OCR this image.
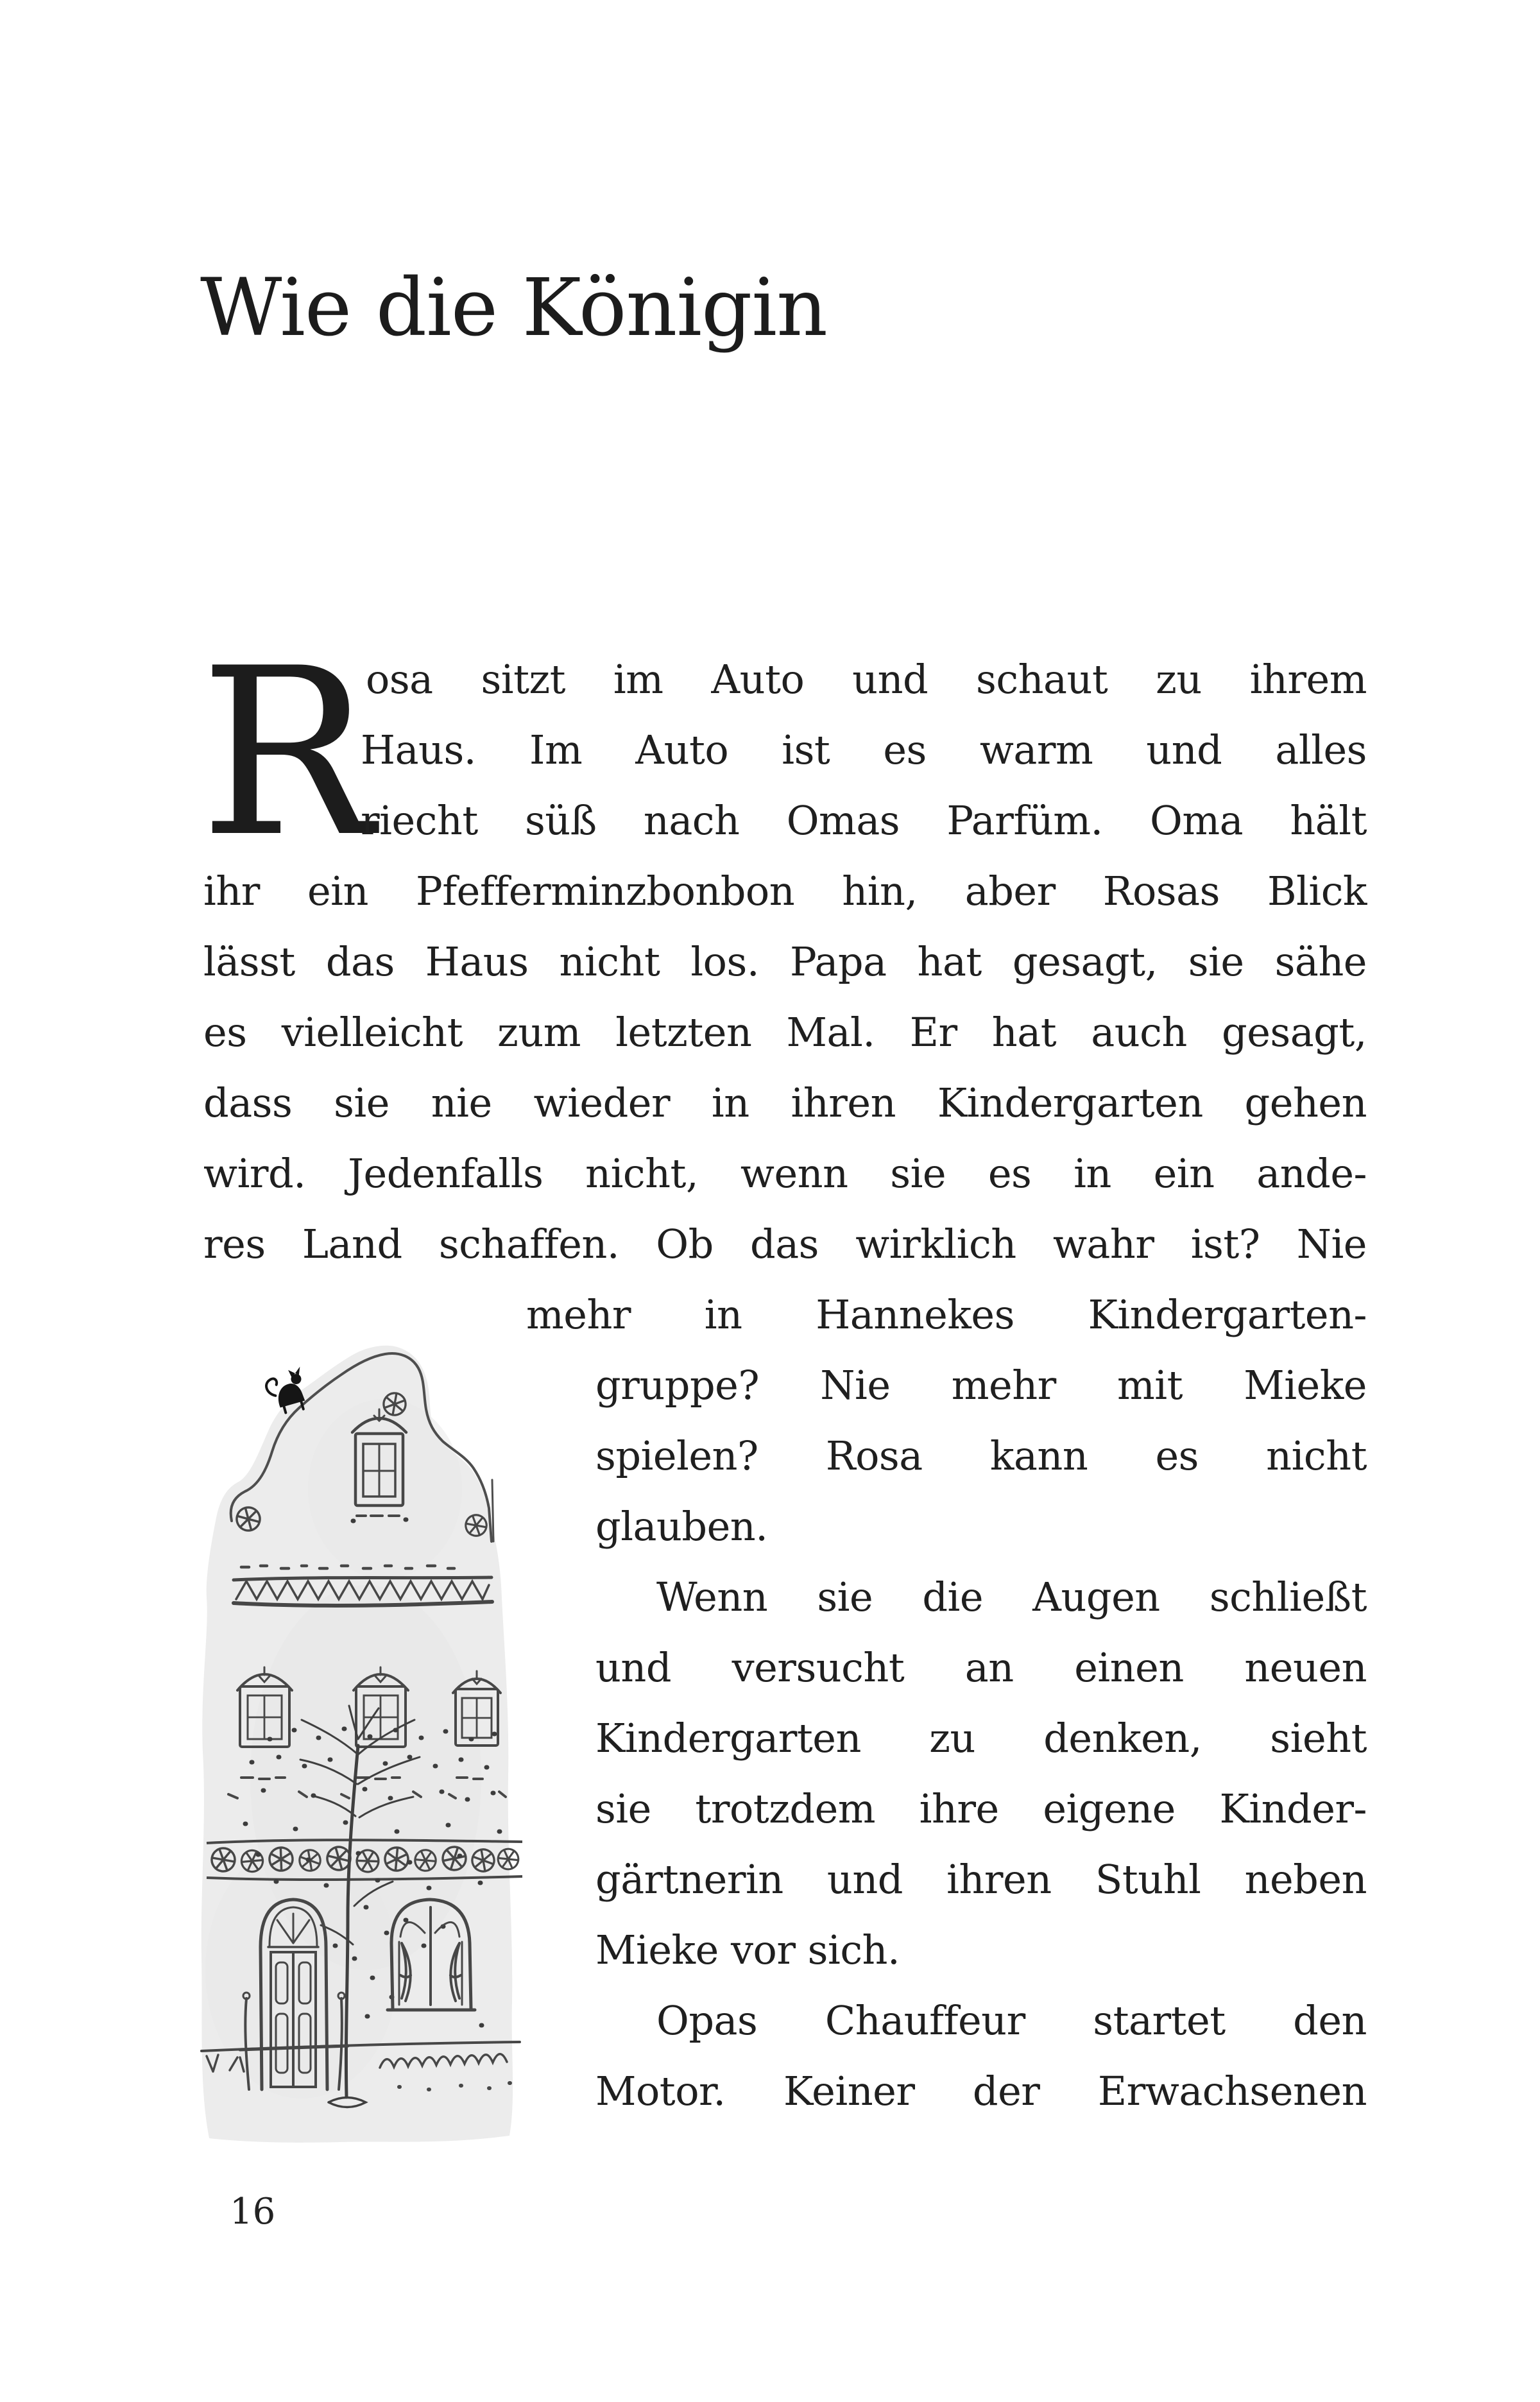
Wie die Königin
R
osa sitzt im Auto und schaut zu ihrem
Haus. Im Auto ist es warm und alles
riecht süß nach Omas Parfüm. Oma hält
ihr ein Pfefferminzbonbon hin, aber Rosas Blick
lässt das Haus nicht los. Papa hat gesagt, sie sähe
es vielleicht zum letzten Mal. Er hat auch gesagt,
dass sie nie wieder in ihren Kindergarten gehen
wird. Jedenfalls nicht, wenn sie es in ein ande-
res Land schaffen. Ob das wirklich wahr ist? Nie
mehr in Hannekes Kindergarten-
gruppe? Nie mehr mit Mieke
spielen? Rosa kann es nicht
glauben.
Wenn sie die Augen schließt
und versucht an einen neuen
Kindergarten zu denken, sieht
sie trotzdem ihre eigene Kinder-
gärtnerin und ihren Stuhl neben
Mieke vor sich.
Opas Chauffeur startet den
Motor. Keiner der Erwachsenen
16
